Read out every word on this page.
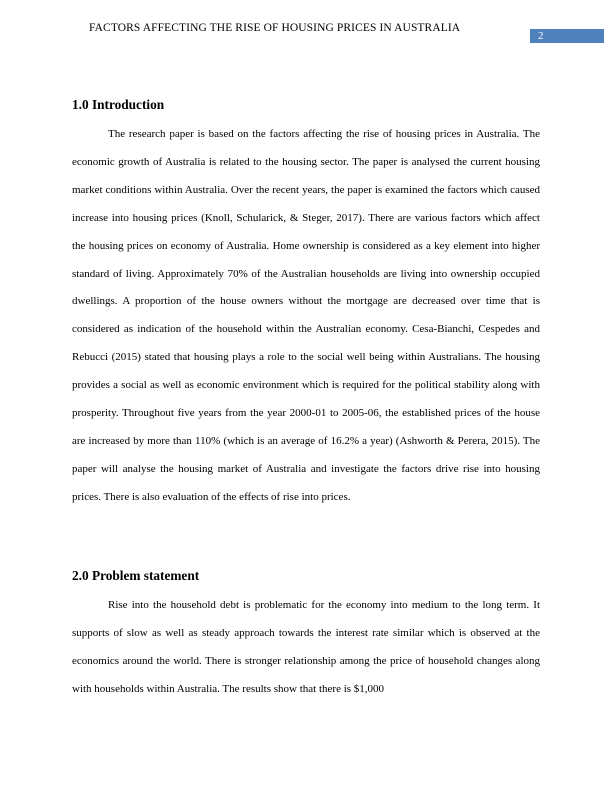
FACTORS AFFECTING THE RISE OF HOUSING PRICES IN AUSTRALIA
2
1.0 Introduction

The research paper is based on the factors affecting the rise of housing prices in Australia. The economic growth of Australia is related to the housing sector. The paper is analysed the current housing market conditions within Australia. Over the recent years, the paper is examined the factors which caused increase into housing prices (Knoll, Schularick, & Steger, 2017). There are various factors which affect the housing prices on economy of Australia. Home ownership is considered as a key element into higher standard of living. Approximately 70% of the Australian households are living into ownership occupied dwellings. A proportion of the house owners without the mortgage are decreased over time that is considered as indication of the household within the Australian economy. Cesa-Bianchi, Cespedes and Rebucci (2015) stated that housing plays a role to the social well being within Australians. The housing provides a social as well as economic environment which is required for the political stability along with prosperity. Throughout five years from the year 2000-01 to 2005-06, the established prices of the house are increased by more than 110% (which is an average of 16.2% a year) (Ashworth & Perera, 2015). The paper will analyse the housing market of Australia and investigate the factors drive rise into housing prices. There is also evaluation of the effects of rise into prices.

2.0 Problem statement

Rise into the household debt is problematic for the economy into medium to the long term. It supports of slow as well as steady approach towards the interest rate similar which is observed at the economics around the world. There is stronger relationship among the price of household changes along with households within Australia. The results show that there is $1,000
